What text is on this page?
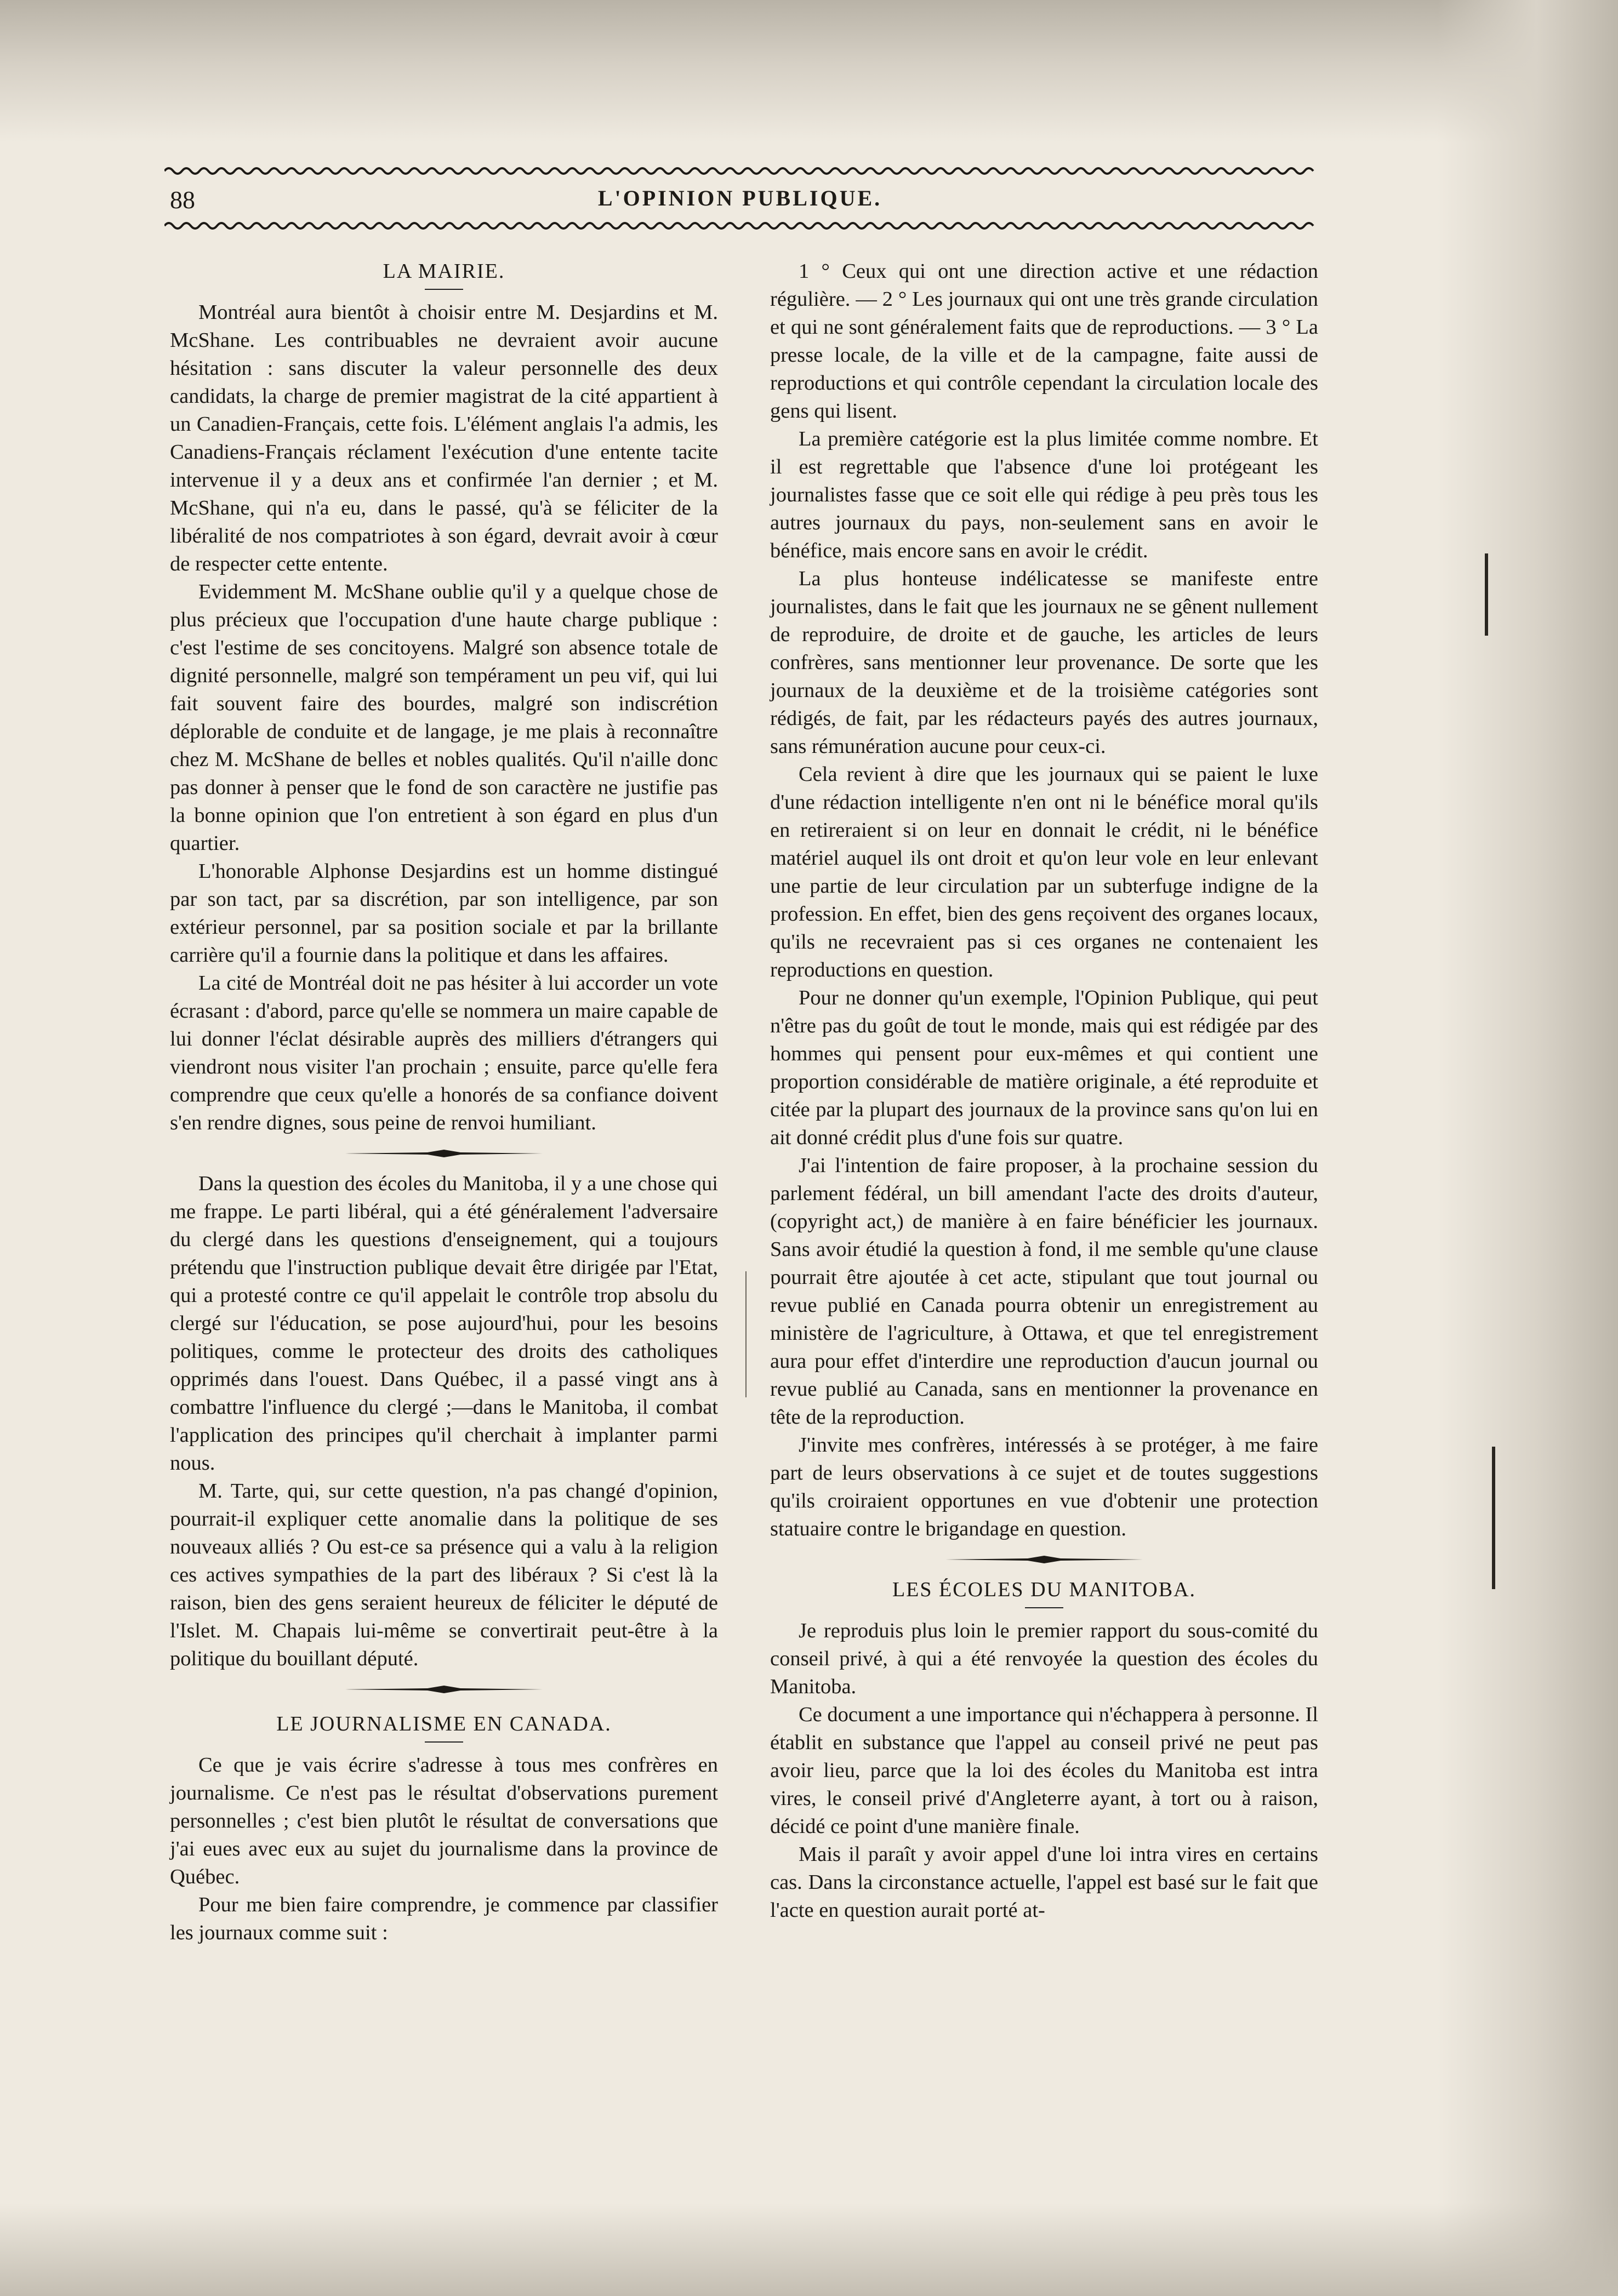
88	L'OPINION PUBLIQUE.
LA MAIRIE.

Montréal aura bientôt à choisir entre M. Desjardins et M. McShane. Les contribuables ne devraient avoir aucune hésitation : sans discuter la valeur personnelle des deux candidats, la charge de premier magistrat de la cité appartient à un Canadien-Français, cette fois. L'élément anglais l'a admis, les Canadiens-Français réclament l'exécution d'une entente tacite intervenue il y a deux ans et confirmée l'an dernier ; et M. McShane, qui n'a eu, dans le passé, qu'à se féliciter de la libéralité de nos compatriotes à son égard, devrait avoir à cœur de respecter cette entente.

Evidemment M. McShane oublie qu'il y a quelque chose de plus précieux que l'occupation d'une haute charge publique : c'est l'estime de ses concitoyens. Malgré son absence totale de dignité personnelle, malgré son tempérament un peu vif, qui lui fait souvent faire des bourdes, malgré son indiscrétion déplorable de conduite et de langage, je me plais à reconnaître chez M. McShane de belles et nobles qualités. Qu'il n'aille donc pas donner à penser que le fond de son caractère ne justifie pas la bonne opinion que l'on entretient à son égard en plus d'un quartier.

L'honorable Alphonse Desjardins est un homme distingué par son tact, par sa discrétion, par son intelligence, par son extérieur personnel, par sa position sociale et par la brillante carrière qu'il a fournie dans la politique et dans les affaires.

La cité de Montréal doit ne pas hésiter à lui accorder un vote écrasant : d'abord, parce qu'elle se nommera un maire capable de lui donner l'éclat désirable auprès des milliers d'étrangers qui viendront nous visiter l'an prochain ; ensuite, parce qu'elle fera comprendre que ceux qu'elle a honorés de sa confiance doivent s'en rendre dignes, sous peine de renvoi humiliant.

Dans la question des écoles du Manitoba, il y a une chose qui me frappe. Le parti libéral, qui a été généralement l'adversaire du clergé dans les questions d'enseignement, qui a toujours prétendu que l'instruction publique devait être dirigée par l'Etat, qui a protesté contre ce qu'il appelait le contrôle trop absolu du clergé sur l'éducation, se pose aujourd'hui, pour les besoins politiques, comme le protecteur des droits des catholiques opprimés dans l'ouest. Dans Québec, il a passé vingt ans à combattre l'influence du clergé ;—dans le Manitoba, il combat l'application des principes qu'il cherchait à implanter parmi nous.

M. Tarte, qui, sur cette question, n'a pas changé d'opinion, pourrait-il expliquer cette anomalie dans la politique de ses nouveaux alliés ? Ou est-ce sa présence qui a valu à la religion ces actives sympathies de la part des libéraux ? Si c'est là la raison, bien des gens seraient heureux de féliciter le député de l'Islet. M. Chapais lui-même se convertirait peut-être à la politique du bouillant député.

LE JOURNALISME EN CANADA.

Ce que je vais écrire s'adresse à tous mes confrères en journalisme. Ce n'est pas le résultat d'observations purement personnelles ; c'est bien plutôt le résultat de conversations que j'ai eues avec eux au sujet du journalisme dans la province de Québec.

Pour me bien faire comprendre, je commence par classifier les journaux comme suit :

1 ° Ceux qui ont une direction active et une rédaction régulière. — 2 ° Les journaux qui ont une très grande circulation et qui ne sont généralement faits que de reproductions. — 3 ° La presse locale, de la ville et de la campagne, faite aussi de reproductions et qui contrôle cependant la circulation locale des gens qui lisent.

La première catégorie est la plus limitée comme nombre. Et il est regrettable que l'absence d'une loi protégeant les journalistes fasse que ce soit elle qui rédige à peu près tous les autres journaux du pays, non-seulement sans en avoir le bénéfice, mais encore sans en avoir le crédit.

La plus honteuse indélicatesse se manifeste entre journalistes, dans le fait que les journaux ne se gênent nullement de reproduire, de droite et de gauche, les articles de leurs confrères, sans mentionner leur provenance. De sorte que les journaux de la deuxième et de la troisième catégories sont rédigés, de fait, par les rédacteurs payés des autres journaux, sans rémunération aucune pour ceux-ci.

Cela revient à dire que les journaux qui se paient le luxe d'une rédaction intelligente n'en ont ni le bénéfice moral qu'ils en retireraient si on leur en donnait le crédit, ni le bénéfice matériel auquel ils ont droit et qu'on leur vole en leur enlevant une partie de leur circulation par un subterfuge indigne de la profession. En effet, bien des gens reçoivent des organes locaux, qu'ils ne recevraient pas si ces organes ne contenaient les reproductions en question.

Pour ne donner qu'un exemple, l'Opinion Publique, qui peut n'être pas du goût de tout le monde, mais qui est rédigée par des hommes qui pensent pour eux-mêmes et qui contient une proportion considérable de matière originale, a été reproduite et citée par la plupart des journaux de la province sans qu'on lui en ait donné crédit plus d'une fois sur quatre.

J'ai l'intention de faire proposer, à la prochaine session du parlement fédéral, un bill amendant l'acte des droits d'auteur, (copyright act,) de manière à en faire bénéficier les journaux. Sans avoir étudié la question à fond, il me semble qu'une clause pourrait être ajoutée à cet acte, stipulant que tout journal ou revue publié en Canada pourra obtenir un enregistrement au ministère de l'agriculture, à Ottawa, et que tel enregistrement aura pour effet d'interdire une reproduction d'aucun journal ou revue publié au Canada, sans en mentionner la provenance en tête de la reproduction.

J'invite mes confrères, intéressés à se protéger, à me faire part de leurs observations à ce sujet et de toutes suggestions qu'ils croiraient opportunes en vue d'obtenir une protection statuaire contre le brigandage en question.

LES ÉCOLES DU MANITOBA.

Je reproduis plus loin le premier rapport du sous-comité du conseil privé, à qui a été renvoyée la question des écoles du Manitoba.

Ce document a une importance qui n'échappera à personne. Il établit en substance que l'appel au conseil privé ne peut pas avoir lieu, parce que la loi des écoles du Manitoba est intra vires, le conseil privé d'Angleterre ayant, à tort ou à raison, décidé ce point d'une manière finale.

Mais il paraît y avoir appel d'une loi intra vires en certains cas. Dans la circonstance actuelle, l'appel est basé sur le fait que l'acte en question aurait porté at-
